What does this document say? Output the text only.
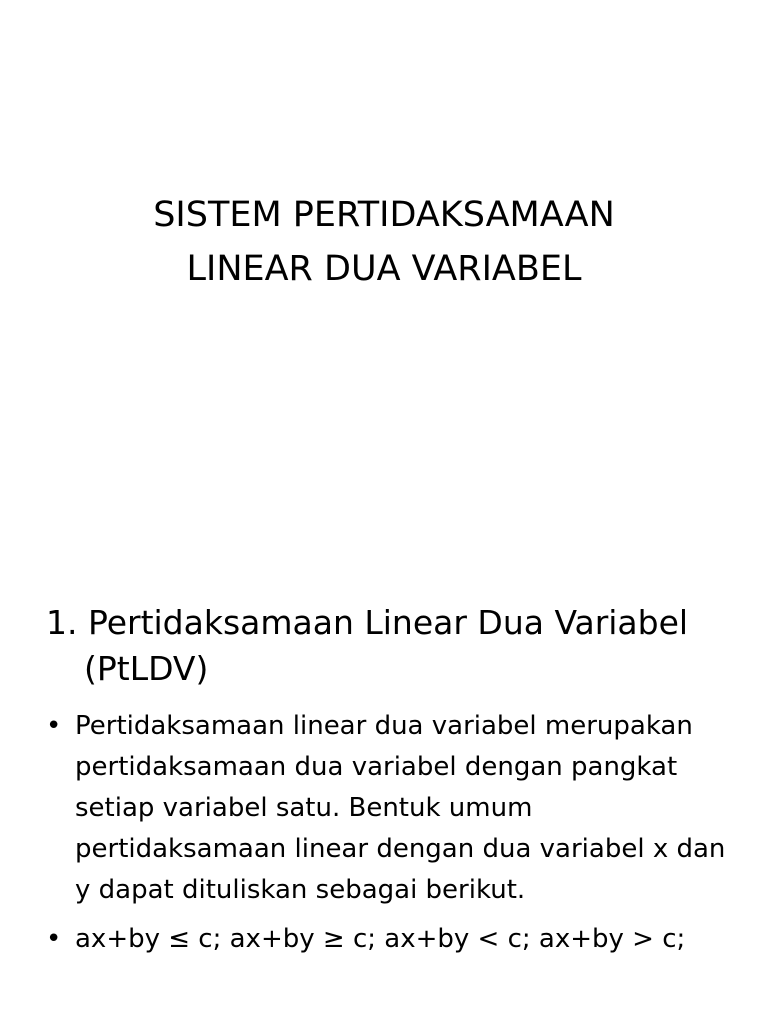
SISTEM PERTIDAKSAMAAN
LINEAR DUA VARIABEL
1. Pertidaksamaan Linear Dua Variabel (PtLDV)
• Pertidaksamaan linear dua variabel merupakan pertidaksamaan dua variabel dengan pangkat setiap variabel satu. Bentuk umum pertidaksamaan linear dengan dua variabel x dan y dapat dituliskan sebagai berikut.
• ax+by ≤ c; ax+by ≥ c; ax+by < c; ax+by > c;
